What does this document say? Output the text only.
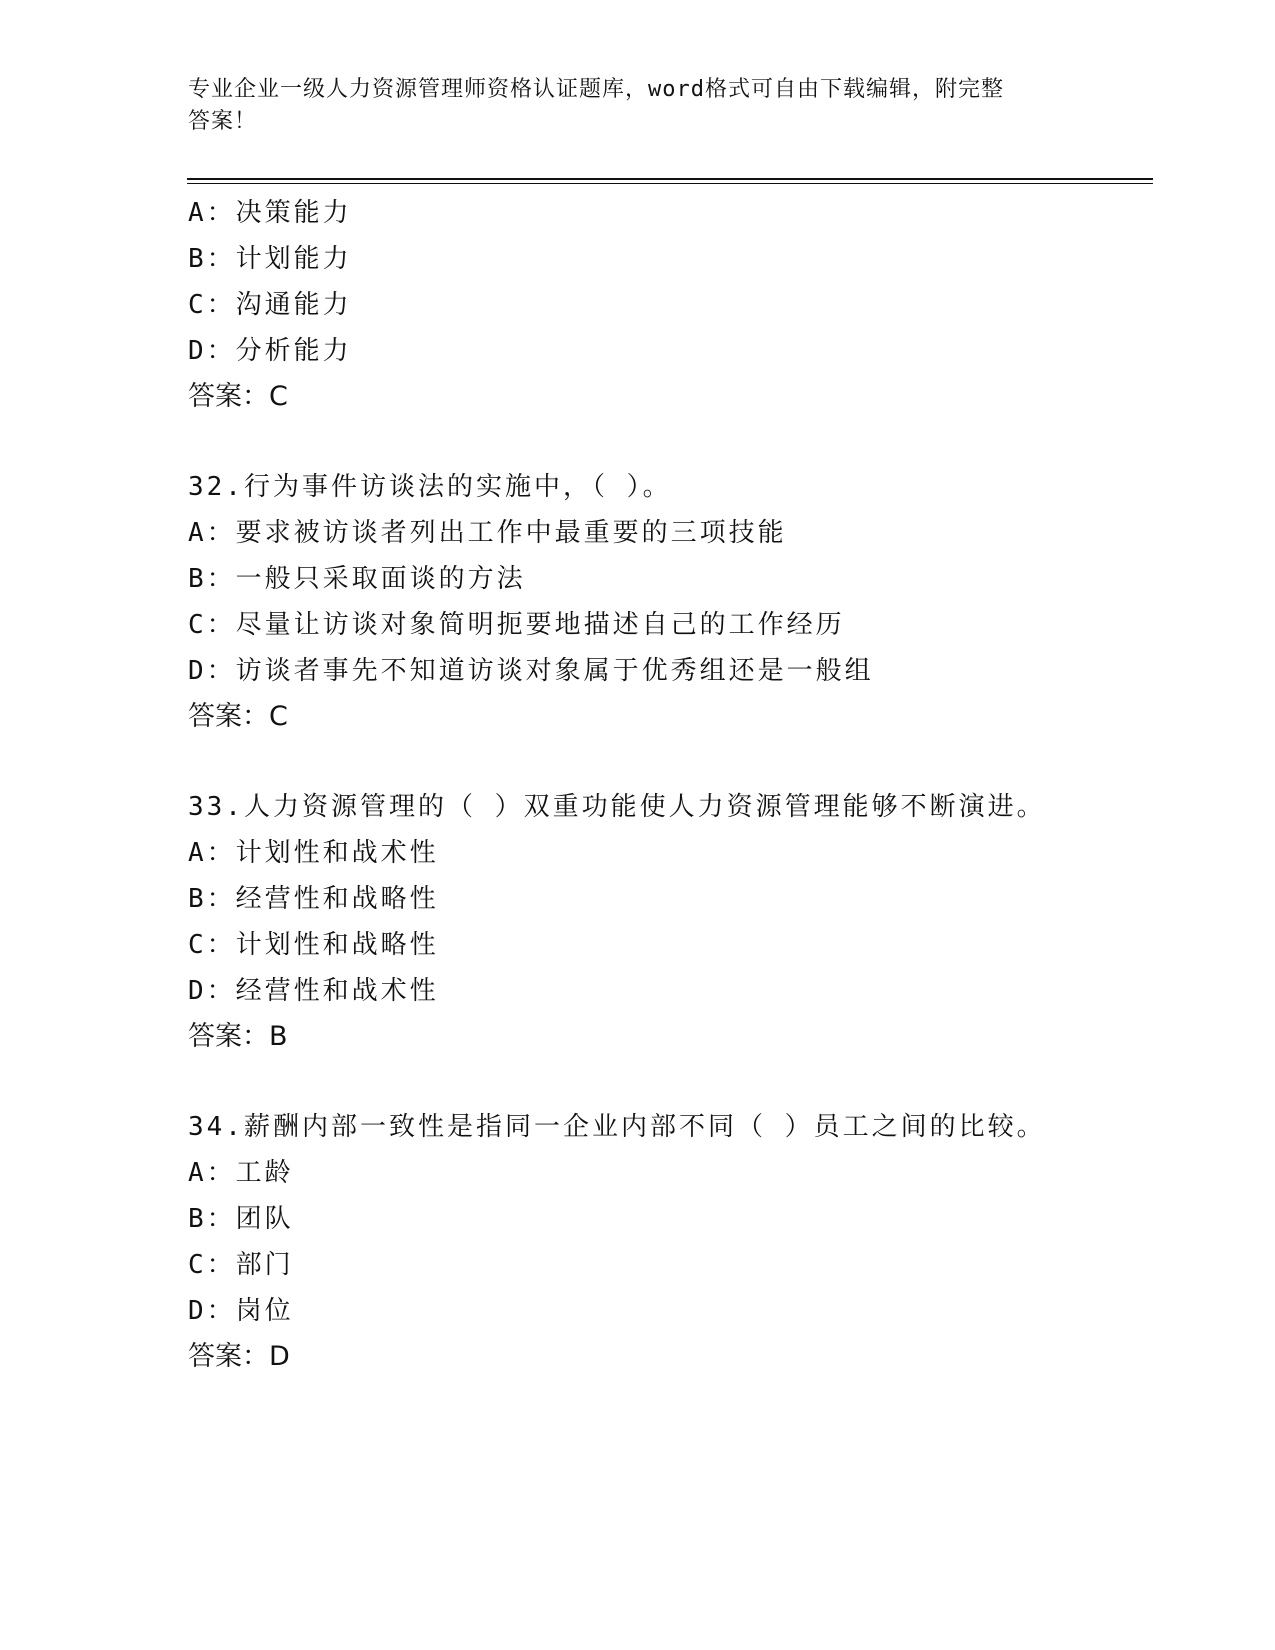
专业企业一级人力资源管理师资格认证题库，word格式可自由下载编辑，附完整
答案！
A：决策能力
B：计划能力
C：沟通能力
D：分析能力
答案：C
32.行为事件访谈法的实施中，（ ）。
A：要求被访谈者列出工作中最重要的三项技能
B：一般只采取面谈的方法
C：尽量让访谈对象简明扼要地描述自己的工作经历
D：访谈者事先不知道访谈对象属于优秀组还是一般组
答案：C
33.人力资源管理的（ ）双重功能使人力资源管理能够不断演进。
A：计划性和战术性
B：经营性和战略性
C：计划性和战略性
D：经营性和战术性
答案：B
34.薪酬内部一致性是指同一企业内部不同（ ）员工之间的比较。
A：工龄
B：团队
C：部门
D：岗位
答案：D
